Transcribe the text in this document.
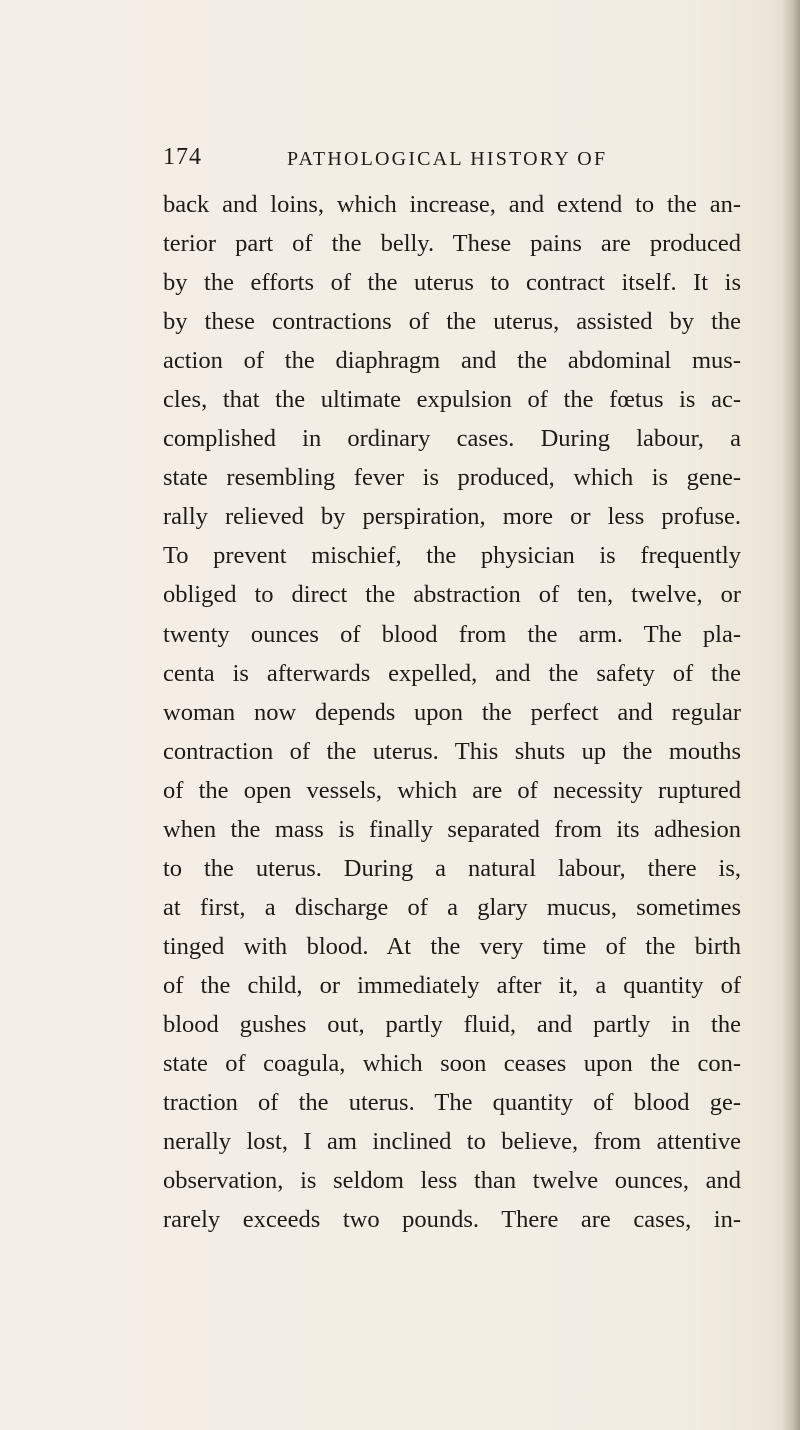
174	PATHOLOGICAL HISTORY OF
back and loins, which increase, and extend to the an-
terior part of the belly. These pains are produced
by the efforts of the uterus to contract itself. It is
by these contractions of the uterus, assisted by the
action of the diaphragm and the abdominal mus-
cles, that the ultimate expulsion of the fœtus is ac-
complished in ordinary cases. During labour, a
state resembling fever is produced, which is gene-
rally relieved by perspiration, more or less profuse.
To prevent mischief, the physician is frequently
obliged to direct the abstraction of ten, twelve, or
twenty ounces of blood from the arm. The pla-
centa is afterwards expelled, and the safety of the
woman now depends upon the perfect and regular
contraction of the uterus. This shuts up the mouths
of the open vessels, which are of necessity ruptured
when the mass is finally separated from its adhesion
to the uterus. During a natural labour, there is,
at first, a discharge of a glary mucus, sometimes
tinged with blood. At the very time of the birth
of the child, or immediately after it, a quantity of
blood gushes out, partly fluid, and partly in the
state of coagula, which soon ceases upon the con-
traction of the uterus. The quantity of blood ge-
nerally lost, I am inclined to believe, from attentive
observation, is seldom less than twelve ounces, and
rarely exceeds two pounds. There are cases, in-
